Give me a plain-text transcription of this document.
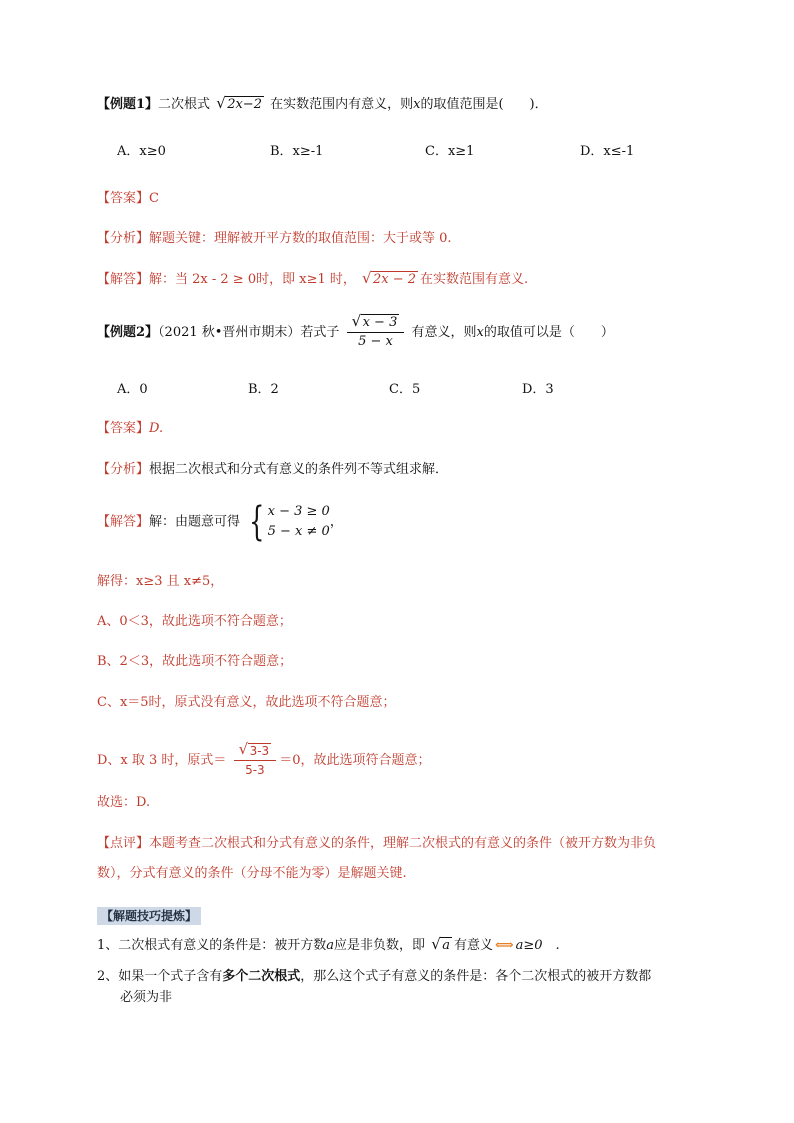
【例题1】二次根式 √ 2x−2 在实数范围内有意义，则x的取值范围是(　　)．
A．x≥0	B．x≥-1	C．x≥1	D．x≤-1
【答案】C
【分析】解题关键：理解被开平方数的取值范围：大于或等 0.
【解答】解：当 2x - 2 ≥ 0时，即 x≥1 时， √ 2x − 2 在实数范围有意义.
【例题2】（2021 秋•晋州市期末）若式子 $\frac{√ x - 3}{5 - x}$ 有意义，则x的取值可以是（　　）
A．0	B．2	C．5	D．3
【答案】D.
【分析】根据二次根式和分式有意义的条件列不等式组求解．
【解答】解：由题意可得 { x − 3 ≥ 0
5 − x ≠ 0
，
解得：x≥3 且 x≠5，
A、0＜3，故此选项不符合题意；
B、2＜3，故此选项不符合题意；
C、x＝5时，原式没有意义，故此选项不符合题意；
D、x 取 3 时，原式＝ $\frac{√ 3-3}{5-3} =0$，故此选项符合题意；
故选：D.
【点评】本题考查二次根式和分式有意义的条件，理解二次根式的有意义的条件（被开方数为非负
数），分式有意义的条件（分母不能为零）是解题关键.
【解题技巧提炼】
1、二次根式有意义的条件是：被开方数a应是非负数，即 √ a 有意义 ⟺ a≥0　.
2、如果一个式子含有多个二次根式，那么这个式子有意义的条件是：各个二次根式的被开方数都
必须为非
